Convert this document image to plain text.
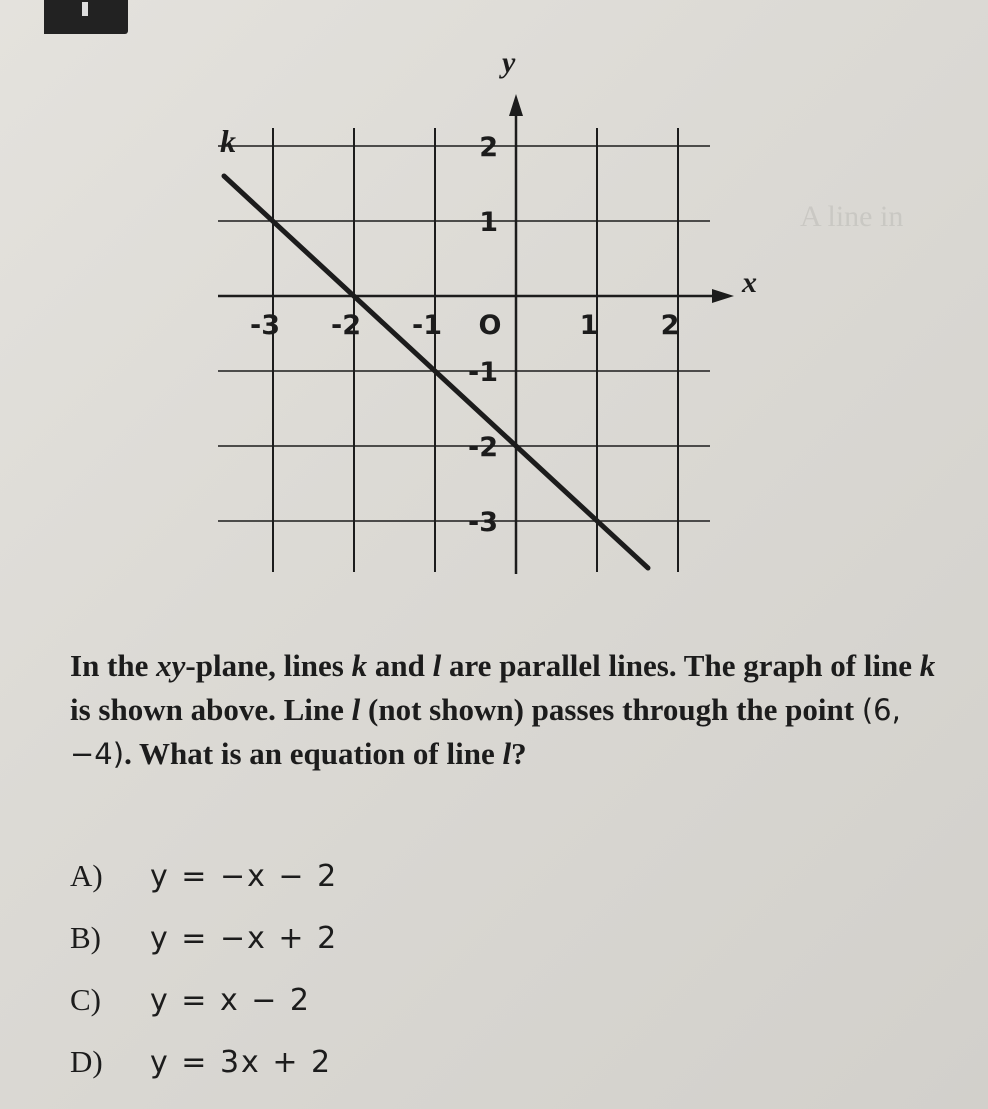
A line in
x
y
-3 -2 -1 O	1 2
2
1
-1
-2
-3
k

In the xy-plane, lines k and l are parallel lines. The graph of line k is shown above. Line l (not shown) passes through the point (6, −4). What is an equation of line l?

A)	y = −x − 2
B)	y = −x + 2
C)	y = x − 2
D)	y = 3x + 2
